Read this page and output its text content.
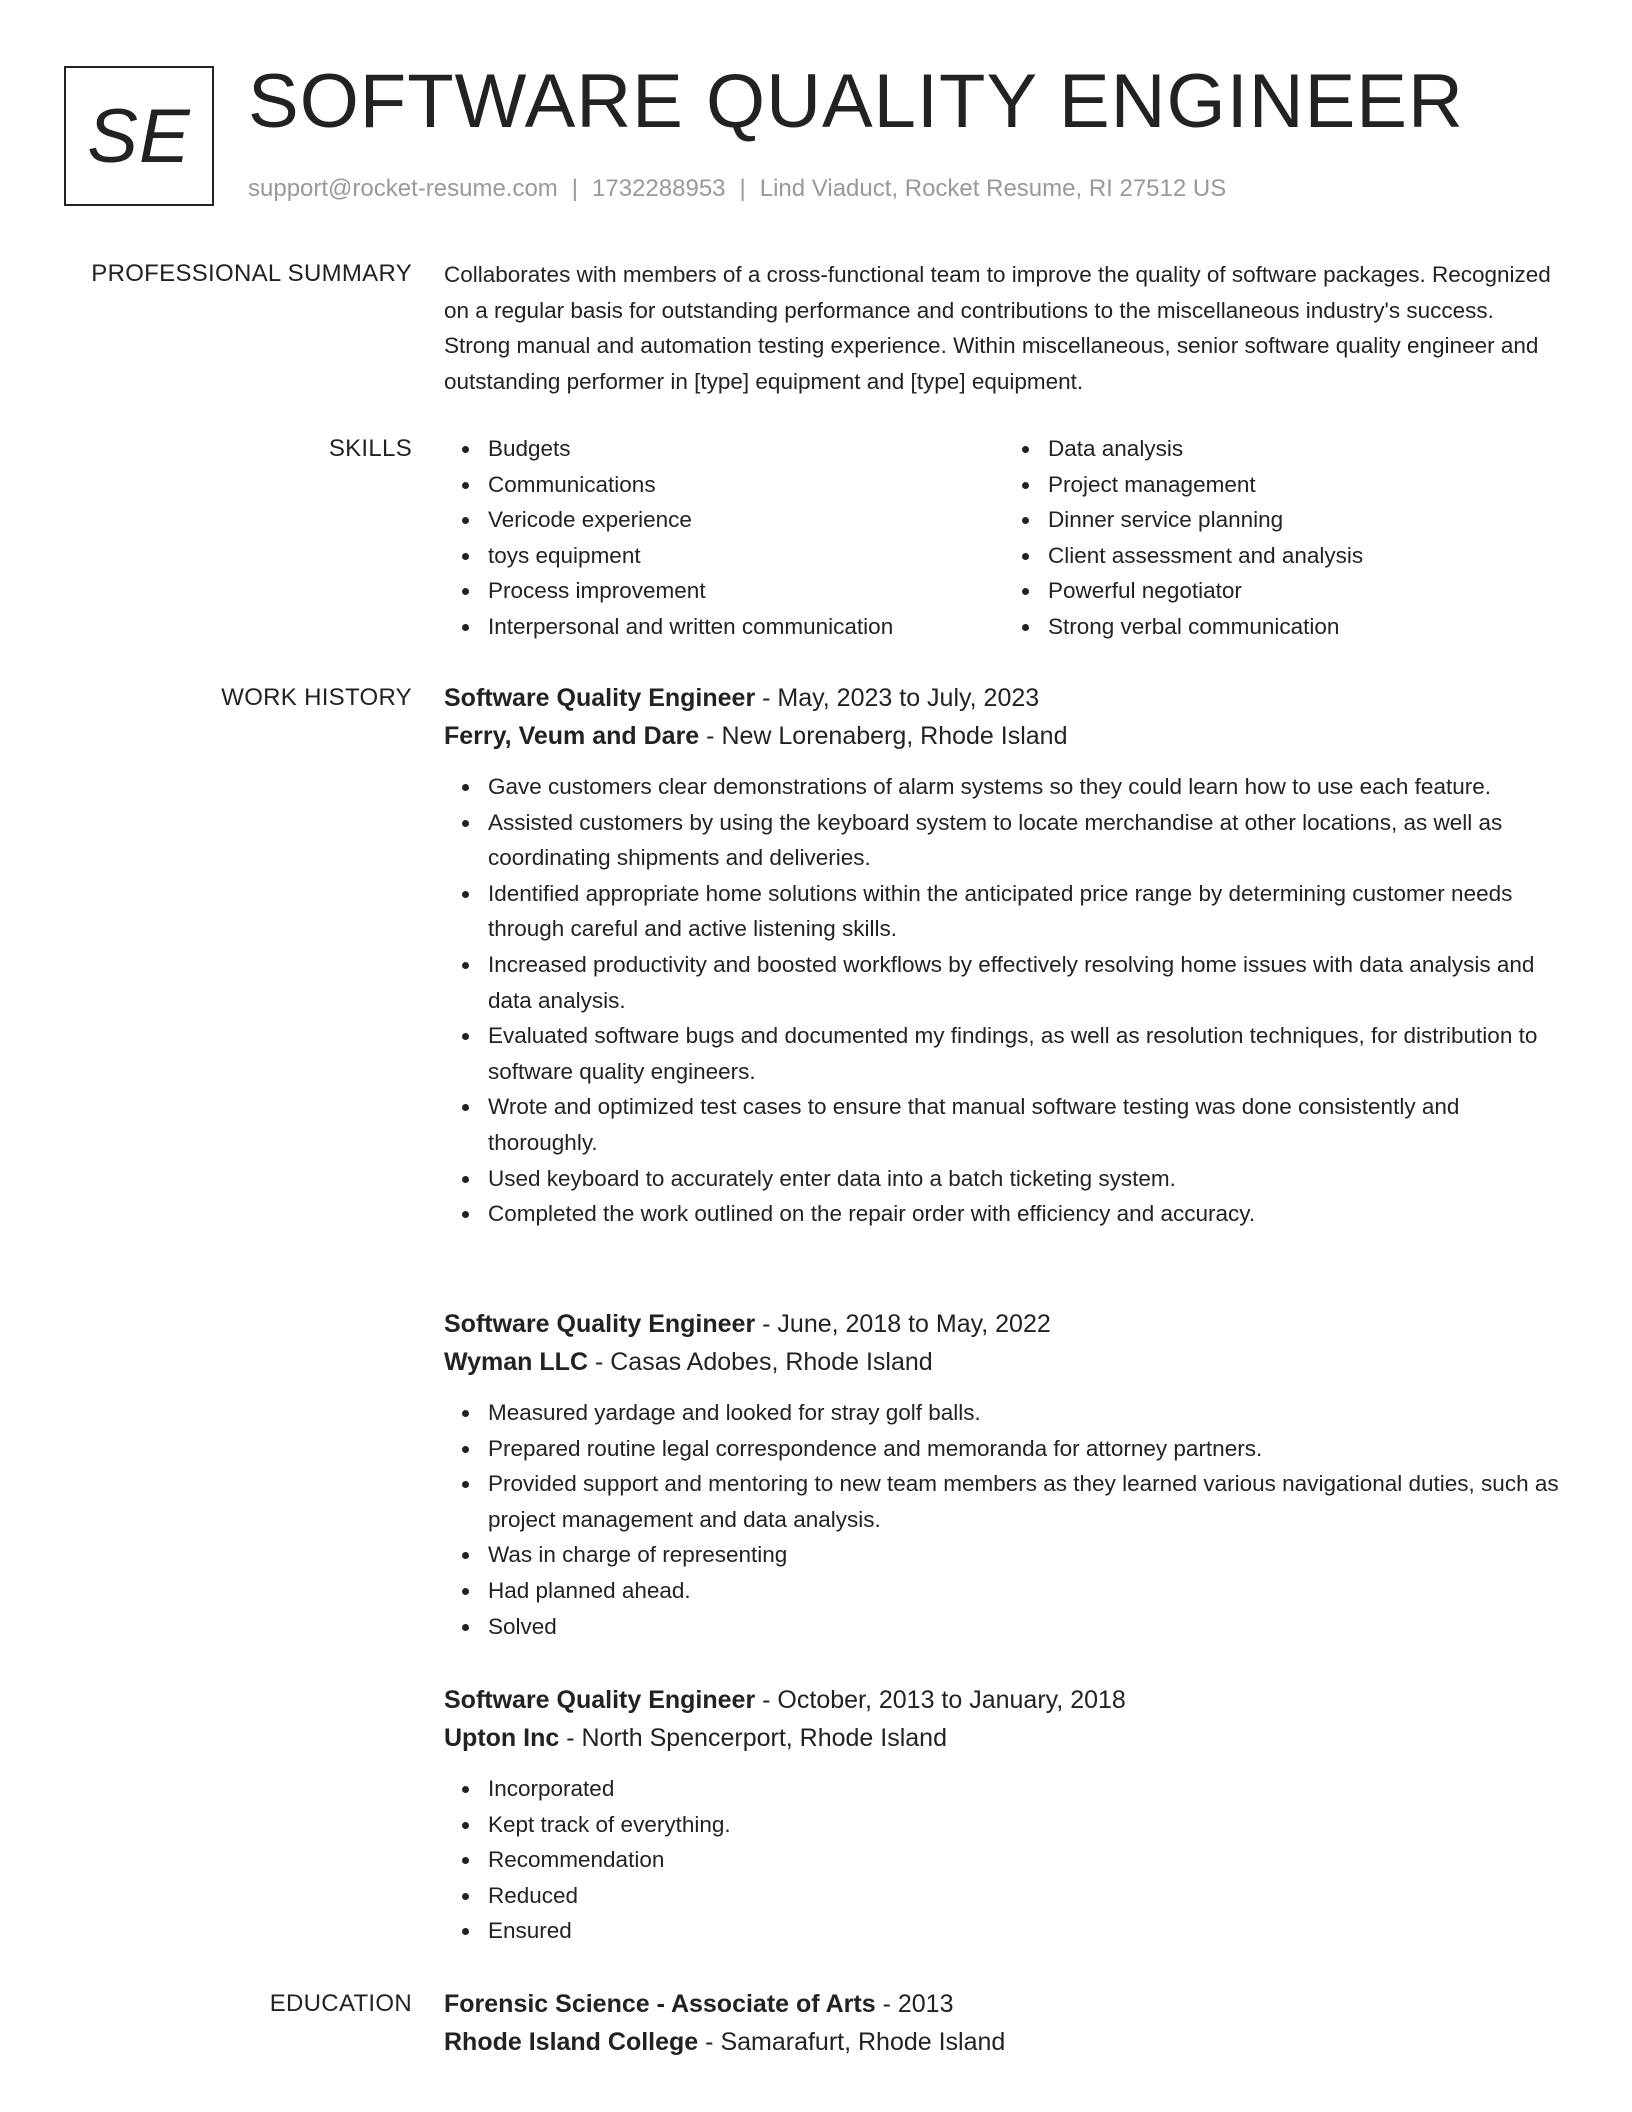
SE SOFTWARE QUALITY ENGINEER
support@rocket-resume.com | 1732288953 | Lind Viaduct, Rocket Resume, RI 27512 US
PROFESSIONAL SUMMARY Collaborates with members of a cross-functional team to improve the quality of software packages. Recognized on a regular basis for outstanding performance and contributions to the miscellaneous industry's success. Strong manual and automation testing experience. Within miscellaneous, senior software quality engineer and outstanding performer in [type] equipment and [type] equipment.

SKILLS	Budgets
Communications
Vericode experience
toys equipment
Process improvement
Interpersonal and written communication
Data analysis
Project management
Dinner service planning
Client assessment and analysis
Powerful negotiator
Strong verbal communication
WORK HISTORY Software Quality Engineer - May, 2023 to July, 2023
Ferry, Veum and Dare - New Lorenaberg, Rhode Island
Gave customers clear demonstrations of alarm systems so they could learn how to use each feature.
Assisted customers by using the keyboard system to locate merchandise at other locations, as well as coordinating shipments and deliveries.
Identified appropriate home solutions within the anticipated price range by determining customer needs through careful and active listening skills.
Increased productivity and boosted workflows by effectively resolving home issues with data analysis and data analysis.
Evaluated software bugs and documented my findings, as well as resolution techniques, for distribution to software quality engineers.
Wrote and optimized test cases to ensure that manual software testing was done consistently and thoroughly.
Used keyboard to accurately enter data into a batch ticketing system.
Completed the work outlined on the repair order with efficiency and accuracy.
Software Quality Engineer - June, 2018 to May, 2022
Wyman LLC - Casas Adobes, Rhode Island
Measured yardage and looked for stray golf balls.
Prepared routine legal correspondence and memoranda for attorney partners.
Provided support and mentoring to new team members as they learned various navigational duties, such as project management and data analysis.
Was in charge of representing
Had planned ahead.
Solved
Software Quality Engineer - October, 2013 to January, 2018
Upton Inc - North Spencerport, Rhode Island
Incorporated
Kept track of everything.
Recommendation
Reduced
Ensured
EDUCATION Forensic Science - Associate of Arts - 2013
Rhode Island College - Samarafurt, Rhode Island
